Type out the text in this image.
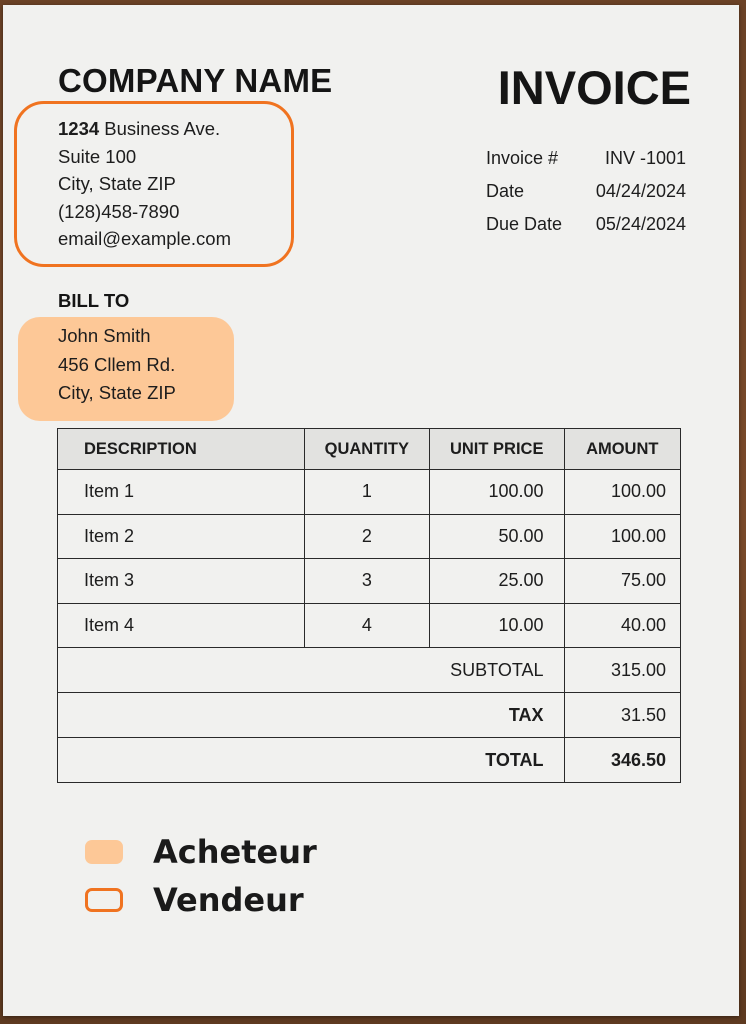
COMPANY NAME	INVOICE
1234 Business Ave.
Suite 100
City, State ZIP
(128)458-7890
email@example.com
Invoice #	INV -1001
Date	04/24/2024
Due Date 05/24/2024
BILL TO
John Smith
456 Cllem Rd.
City, State ZIP
DESCRIPTION	QUANTITY	UNIT PRICE	AMOUNT
Item 1	1	100.00	100.00
Item 2	2	50.00	100.00
Item 3	3	25.00	75.00
Item 4	4	10.00	40.00
SUBTOTAL			315.00
TAX			31.50
TOTAL			346.50
Acheteur
Vendeur
